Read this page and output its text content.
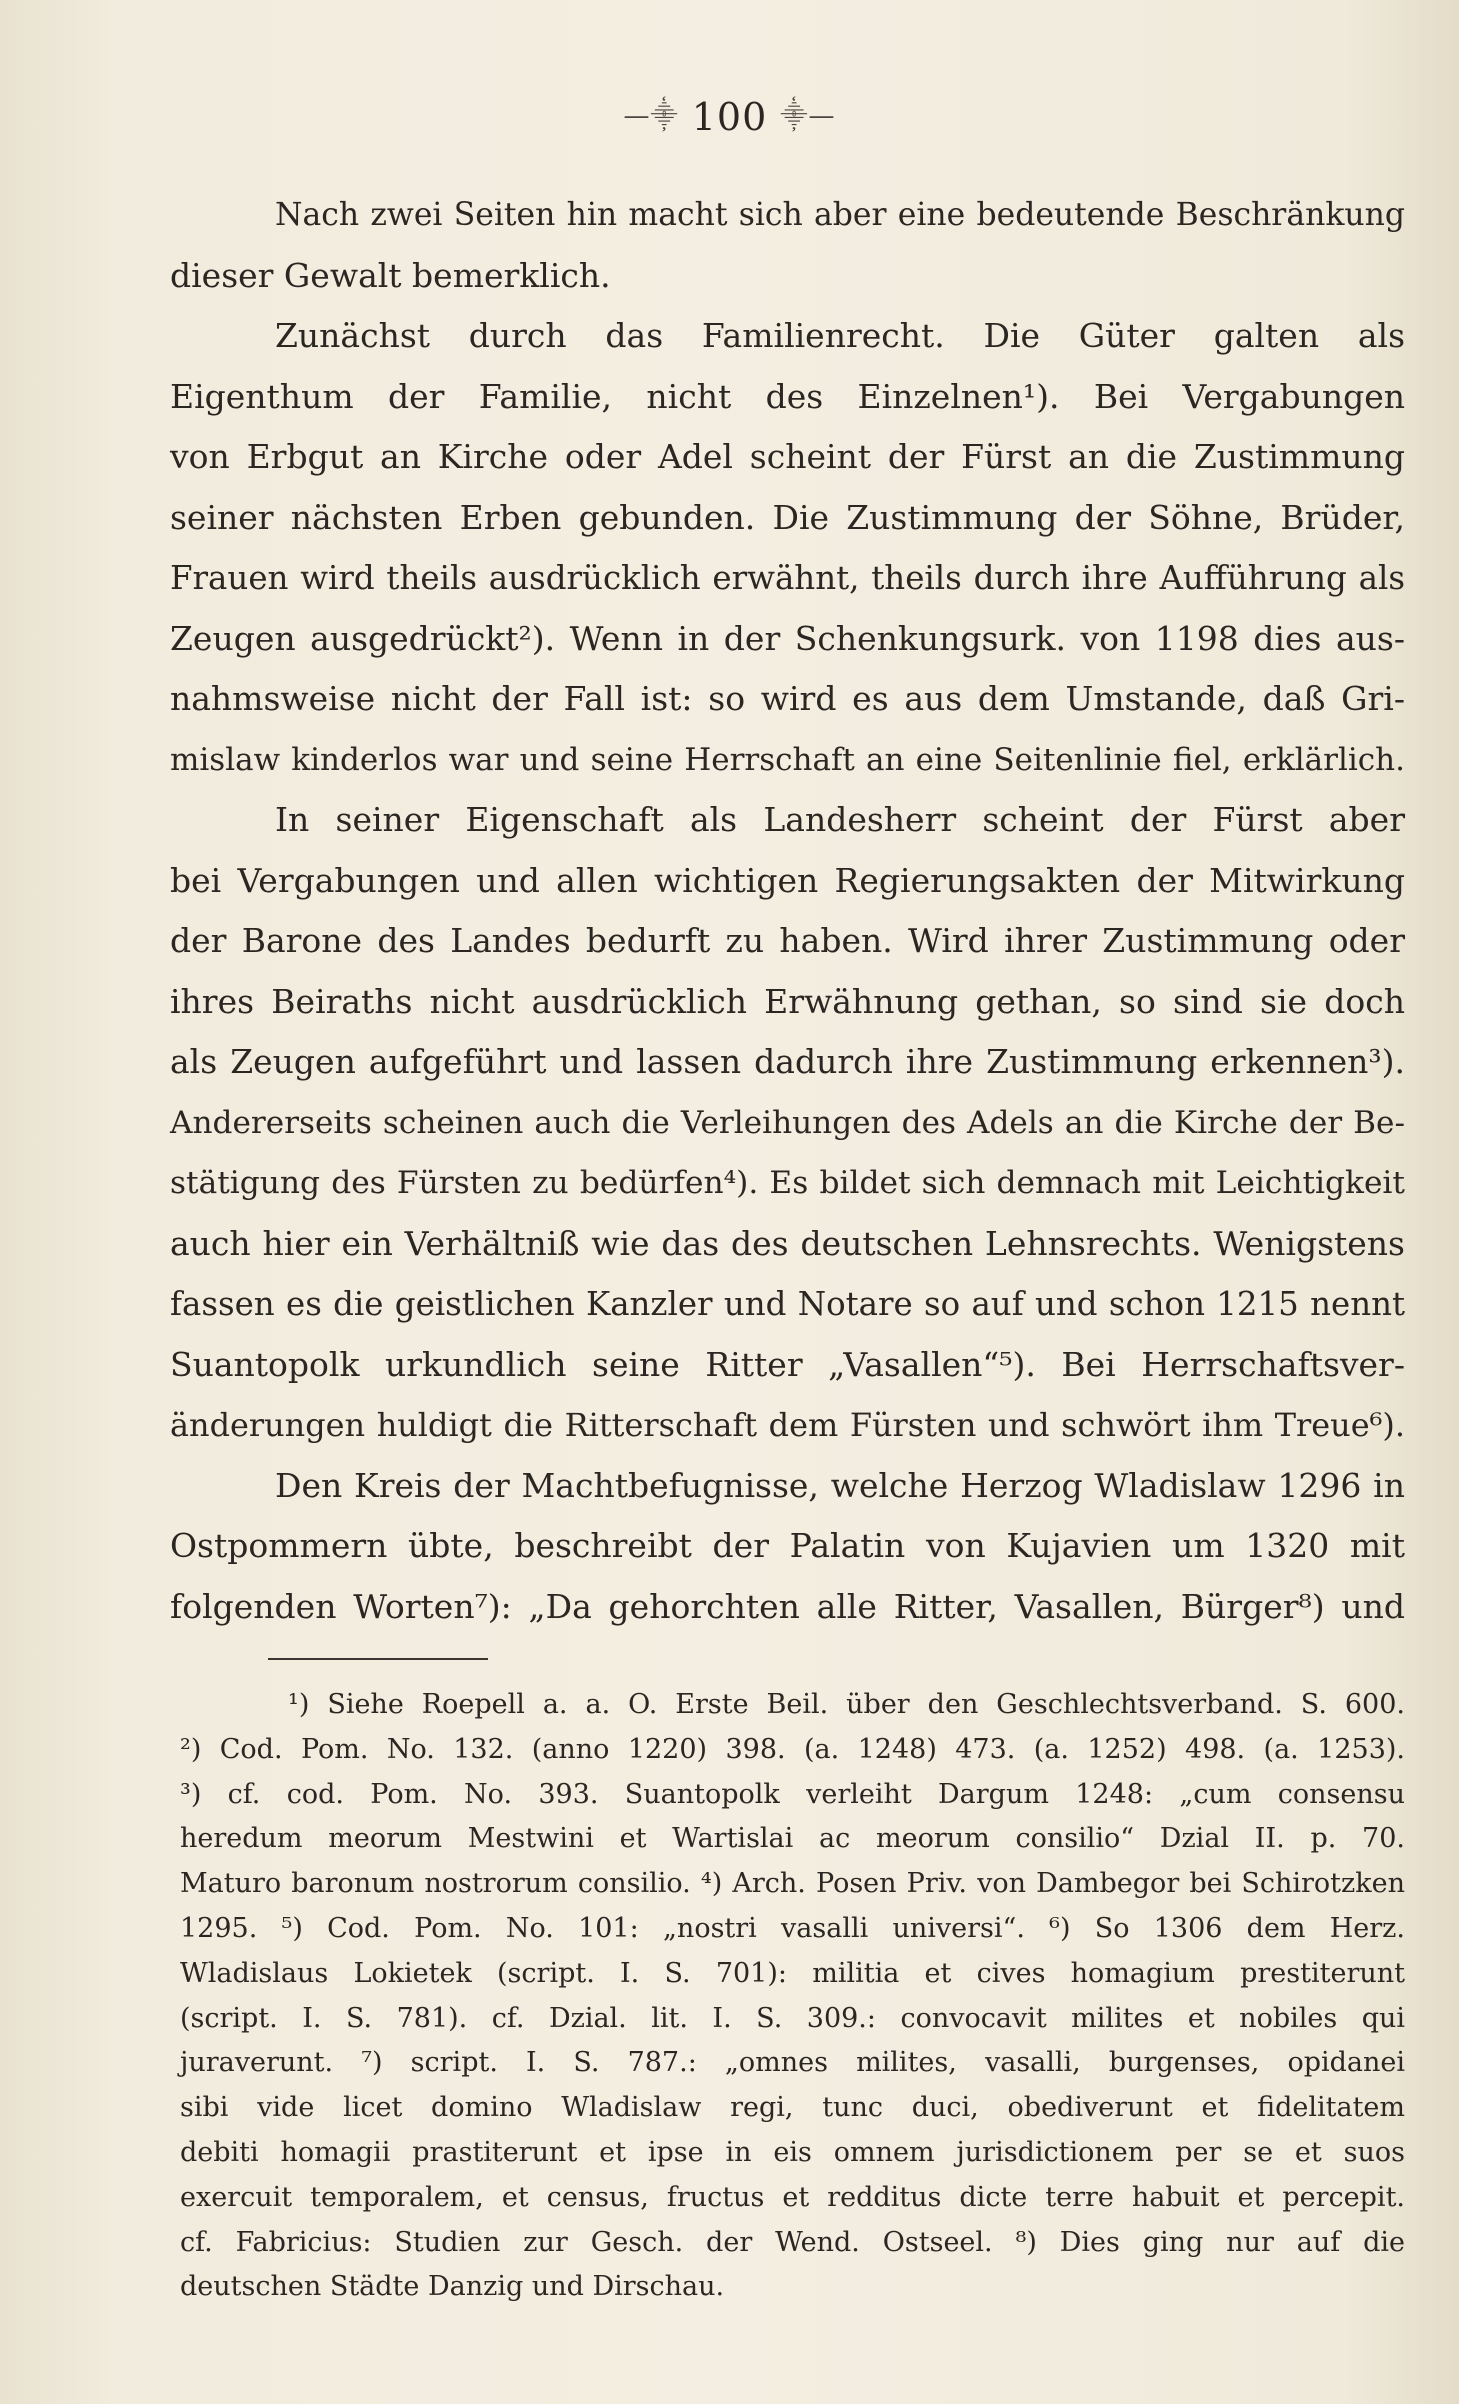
—⸎ 100 ⸎—
Nach zwei Seiten hin macht sich aber eine bedeutende Beschränkung
dieser Gewalt bemerklich.
Zunächst durch das Familienrecht. Die Güter galten als
Eigenthum der Familie, nicht des Einzelnen¹). Bei Vergabungen
von Erbgut an Kirche oder Adel scheint der Fürst an die Zustimmung
seiner nächsten Erben gebunden. Die Zustimmung der Söhne, Brüder,
Frauen wird theils ausdrücklich erwähnt, theils durch ihre Aufführung als
Zeugen ausgedrückt²). Wenn in der Schenkungsurk. von 1198 dies aus-
nahmsweise nicht der Fall ist: so wird es aus dem Umstande, daß Gri-
mislaw kinderlos war und seine Herrschaft an eine Seitenlinie fiel, erklärlich.
In seiner Eigenschaft als Landesherr scheint der Fürst aber
bei Vergabungen und allen wichtigen Regierungsakten der Mitwirkung
der Barone des Landes bedurft zu haben. Wird ihrer Zustimmung oder
ihres Beiraths nicht ausdrücklich Erwähnung gethan, so sind sie doch
als Zeugen aufgeführt und lassen dadurch ihre Zustimmung erkennen³).
Andererseits scheinen auch die Verleihungen des Adels an die Kirche der Be-
stätigung des Fürsten zu bedürfen⁴). Es bildet sich demnach mit Leichtigkeit
auch hier ein Verhältniß wie das des deutschen Lehnsrechts. Wenigstens
fassen es die geistlichen Kanzler und Notare so auf und schon 1215 nennt
Suantopolk urkundlich seine Ritter „Vasallen“⁵). Bei Herrschaftsver-
änderungen huldigt die Ritterschaft dem Fürsten und schwört ihm Treue⁶).
Den Kreis der Machtbefugnisse, welche Herzog Wladislaw 1296 in
Ostpommern übte, beschreibt der Palatin von Kujavien um 1320 mit
folgenden Worten⁷): „Da gehorchten alle Ritter, Vasallen, Bürger⁸) und
¹) Siehe Roepell a. a. O. Erste Beil. über den Geschlechtsverband. S. 600.
²) Cod. Pom. No. 132. (anno 1220) 398. (a. 1248) 473. (a. 1252) 498. (a. 1253).
³) cf. cod. Pom. No. 393. Suantopolk verleiht Dargum 1248: „cum consensu
heredum meorum Mestwini et Wartislai ac meorum consilio“ Dzial II. p. 70.
Maturo baronum nostrorum consilio. ⁴) Arch. Posen Priv. von Dambegor bei Schirotzken
1295. ⁵) Cod. Pom. No. 101: „nostri vasalli universi“. ⁶) So 1306 dem Herz.
Wladislaus Lokietek (script. I. S. 701): militia et cives homagium prestiterunt
(script. I. S. 781). cf. Dzial. lit. I. S. 309.: convocavit milites et nobiles qui
juraverunt. ⁷) script. I. S. 787.: „omnes milites, vasalli, burgenses, opidanei
sibi vide licet domino Wladislaw regi, tunc duci, obediverunt et fidelitatem
debiti homagii prastiterunt et ipse in eis omnem jurisdictionem per se et suos
exercuit temporalem, et census, fructus et redditus dicte terre habuit et percepit.
cf. Fabricius: Studien zur Gesch. der Wend. Ostseel. ⁸) Dies ging nur auf die
deutschen Städte Danzig und Dirschau.
